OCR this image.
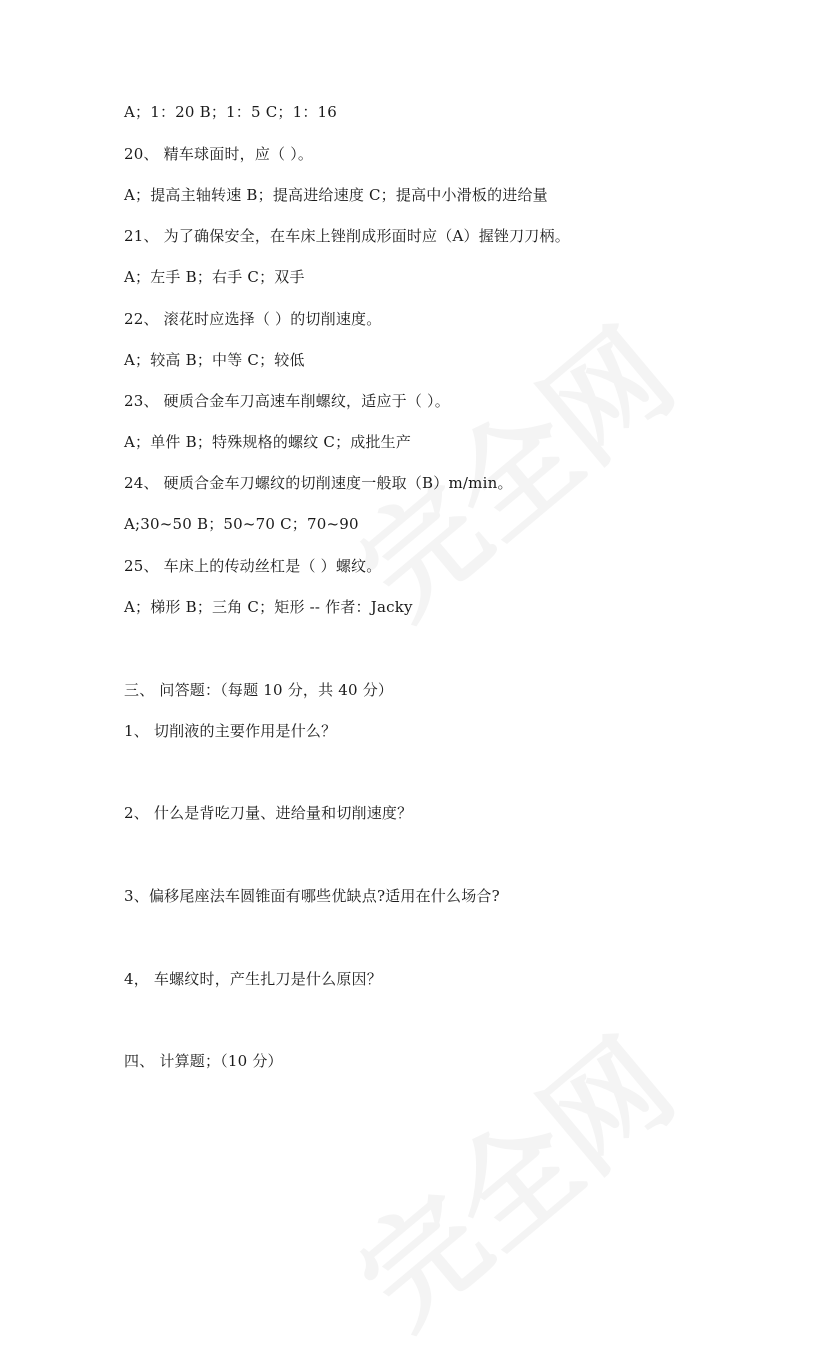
A；1：20 B；1：5 C；1：16
20、 精车球面时，应（ ）。
A；提高主轴转速 B；提高进给速度 C；提高中小滑板的进给量
21、 为了确保安全，在车床上锉削成形面时应（A）握锉刀刀柄。
A；左手 B；右手 C；双手
22、 滚花时应选择（ ）的切削速度。
A；较高 B；中等 C；较低
23、 硬质合金车刀高速车削螺纹，适应于（ ）。
A；单件 B；特殊规格的螺纹 C；成批生产
24、 硬质合金车刀螺纹的切削速度一般取（B）m/min。
A;30~50 B；50~70 C；70~90
25、 车床上的传动丝杠是（ ）螺纹。
A；梯形 B；三角 C；矩形 -- 作者：Jacky
三、 问答题：（每题 10 分，共 40 分）
1、 切削液的主要作用是什么？
2、 什么是背吃刀量、进给量和切削速度？
3、偏移尾座法车圆锥面有哪些优缺点?适用在什么场合?
4， 车螺纹时，产生扎刀是什么原因？
四、 计算题；（10 分）
